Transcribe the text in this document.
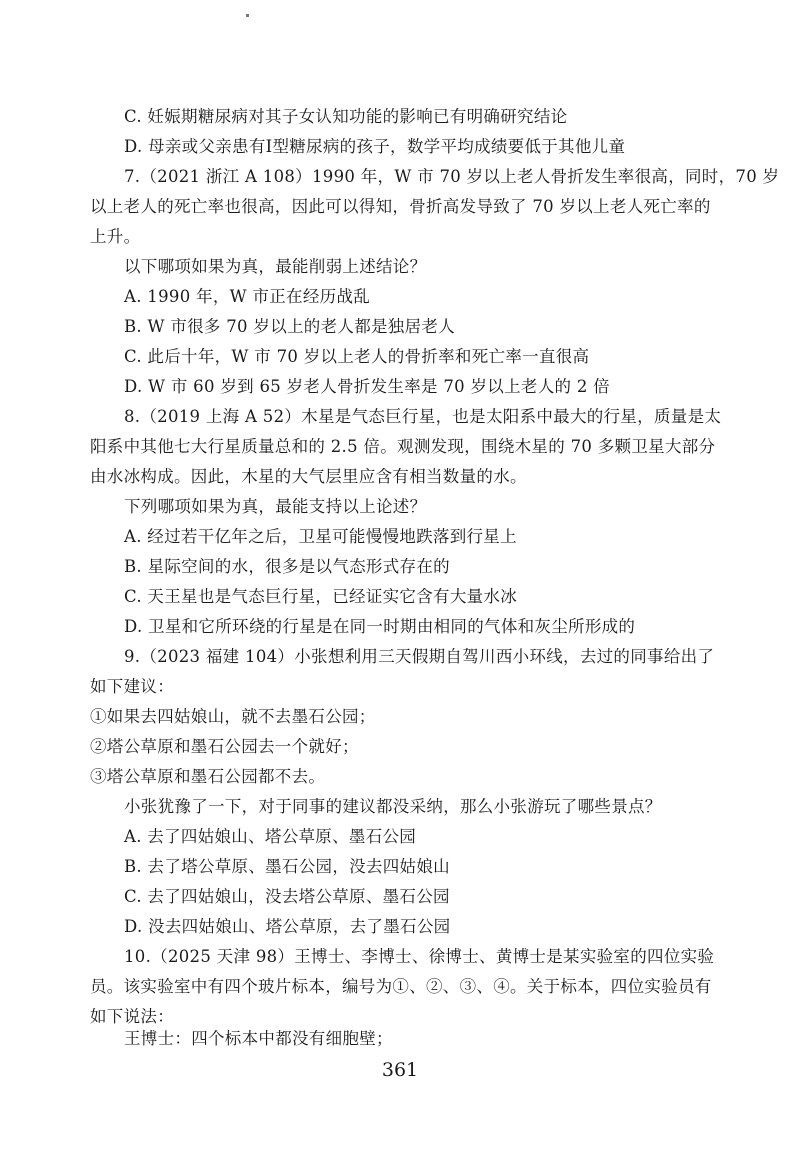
C. 妊娠期糖尿病对其子女认知功能的影响已有明确研究结论
D. 母亲或父亲患有Ⅰ型糖尿病的孩子，数学平均成绩要低于其他儿童
7.（2021 浙江 A 108）1990 年，W 市 70 岁以上老人骨折发生率很高，同时，70 岁
以上老人的死亡率也很高，因此可以得知，骨折高发导致了 70 岁以上老人死亡率的
上升。
以下哪项如果为真，最能削弱上述结论？
A. 1990 年，W 市正在经历战乱
B. W 市很多 70 岁以上的老人都是独居老人
C. 此后十年，W 市 70 岁以上老人的骨折率和死亡率一直很高
D. W 市 60 岁到 65 岁老人骨折发生率是 70 岁以上老人的 2 倍
8.（2019 上海 A 52）木星是气态巨行星，也是太阳系中最大的行星，质量是太
阳系中其他七大行星质量总和的 2.5 倍。观测发现，围绕木星的 70 多颗卫星大部分
由水冰构成。因此，木星的大气层里应含有相当数量的水。
下列哪项如果为真，最能支持以上论述？
A. 经过若干亿年之后，卫星可能慢慢地跌落到行星上
B. 星际空间的水，很多是以气态形式存在的
C. 天王星也是气态巨行星，已经证实它含有大量水冰
D. 卫星和它所环绕的行星是在同一时期由相同的气体和灰尘所形成的
9.（2023 福建 104）小张想利用三天假期自驾川西小环线，去过的同事给出了
如下建议：
①如果去四姑娘山，就不去墨石公园；
②塔公草原和墨石公园去一个就好；
③塔公草原和墨石公园都不去。
小张犹豫了一下，对于同事的建议都没采纳，那么小张游玩了哪些景点？
A. 去了四姑娘山、塔公草原、墨石公园
B. 去了塔公草原、墨石公园，没去四姑娘山
C. 去了四姑娘山，没去塔公草原、墨石公园
D. 没去四姑娘山、塔公草原，去了墨石公园
10.（2025 天津 98）王博士、李博士、徐博士、黄博士是某实验室的四位实验
员。该实验室中有四个玻片标本，编号为①、②、③、④。关于标本，四位实验员有
如下说法：
王博士：四个标本中都没有细胞壁；
361
